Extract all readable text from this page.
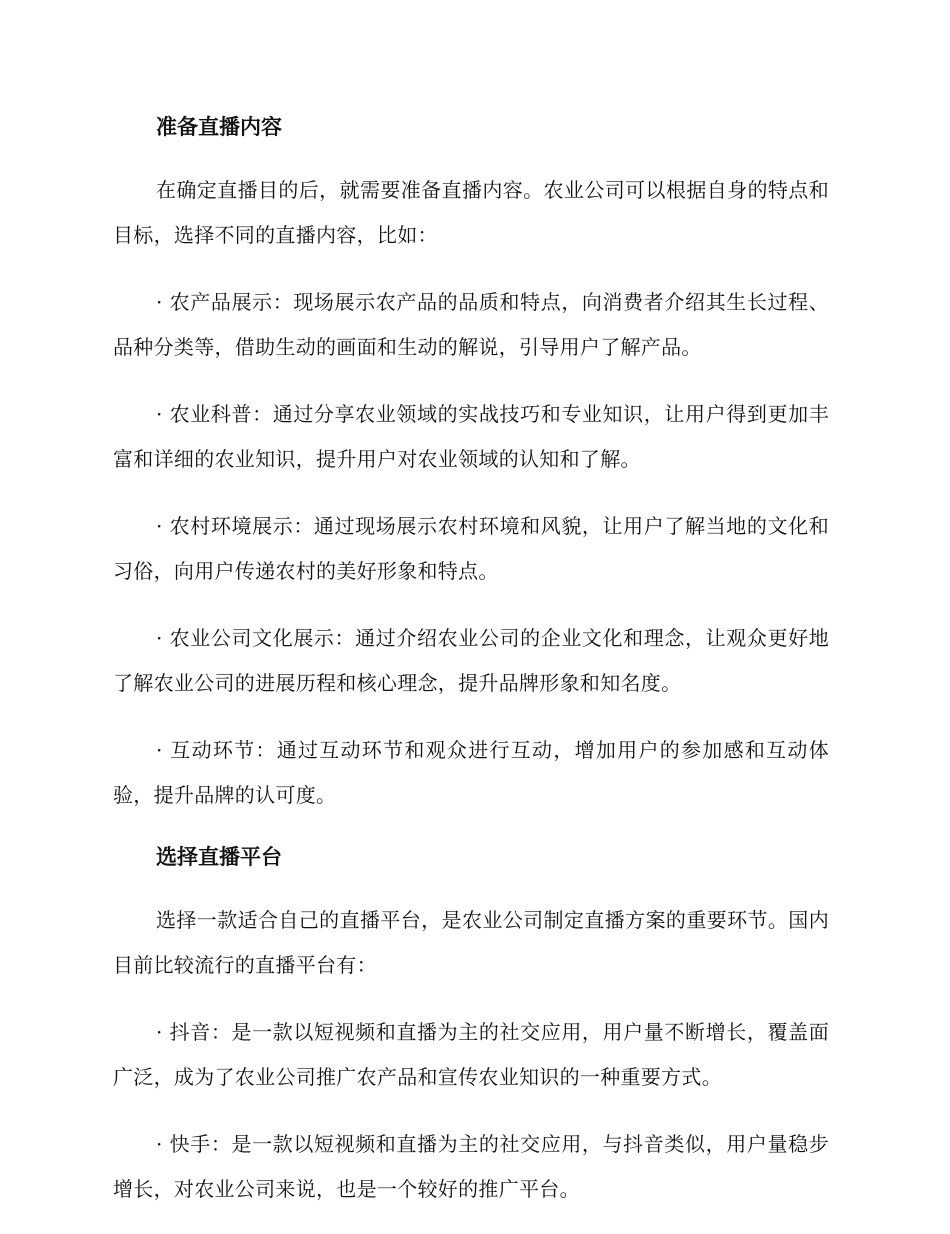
准备直播内容

在确定直播目的后，就需要准备直播内容。农业公司可以根据自身的特点和目标，选择不同的直播内容，比如：

· 农产品展示：现场展示农产品的品质和特点，向消费者介绍其生长过程、品种分类等，借助生动的画面和生动的解说，引导用户了解产品。

· 农业科普：通过分享农业领域的实战技巧和专业知识，让用户得到更加丰富和详细的农业知识，提升用户对农业领域的认知和了解。

· 农村环境展示：通过现场展示农村环境和风貌，让用户了解当地的文化和习俗，向用户传递农村的美好形象和特点。

· 农业公司文化展示：通过介绍农业公司的企业文化和理念，让观众更好地了解农业公司的进展历程和核心理念，提升品牌形象和知名度。

· 互动环节：通过互动环节和观众进行互动，增加用户的参加感和互动体验，提升品牌的认可度。

选择直播平台

选择一款适合自己的直播平台，是农业公司制定直播方案的重要环节。国内目前比较流行的直播平台有：

· 抖音：是一款以短视频和直播为主的社交应用，用户量不断增长，覆盖面广泛，成为了农业公司推广农产品和宣传农业知识的一种重要方式。

· 快手：是一款以短视频和直播为主的社交应用，与抖音类似，用户量稳步增长，对农业公司来说，也是一个较好的推广平台。
